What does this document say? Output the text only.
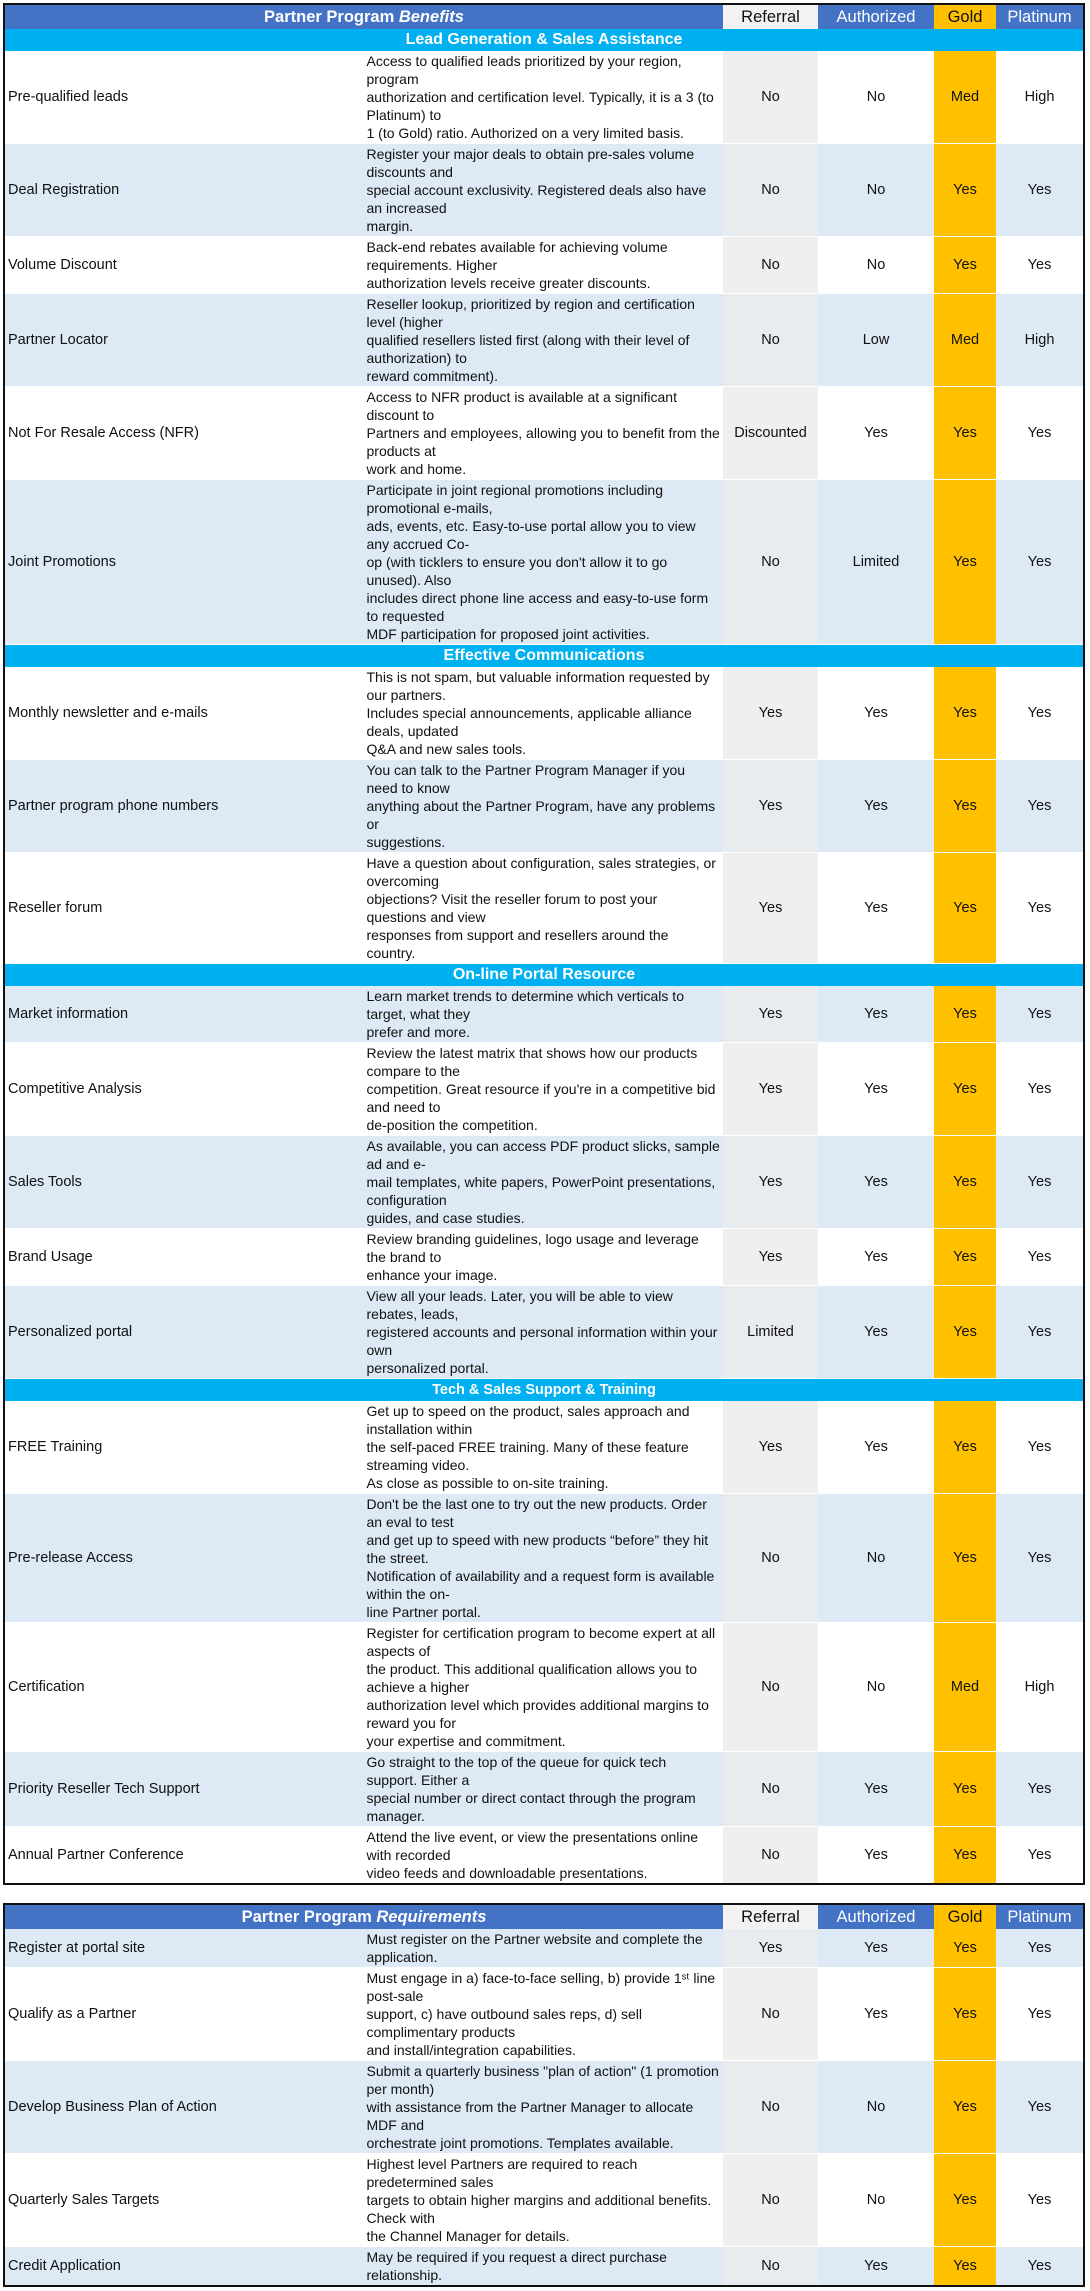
Partner Program Benefits		Referral	Authorized	Gold	Platinum
Lead Generation & Sales Assistance					
Pre-qualified leads	Access to qualified leads prioritized by your region, program
authorization and certification level. Typically, it is a 3 (to Platinum) to
1 (to Gold) ratio. Authorized on a very limited basis.	No	No	Med	High
Deal Registration	Register your major deals to obtain pre-sales volume discounts and
special account exclusivity. Registered deals also have an increased
margin.	No	No	Yes	Yes
Volume Discount	Back-end rebates available for achieving volume requirements. Higher
authorization levels receive greater discounts.	No	No	Yes	Yes
Partner Locator	Reseller lookup, prioritized by region and certification level (higher
qualified resellers listed first (along with their level of authorization) to
reward commitment).	No	Low	Med	High
Not For Resale Access (NFR)	Access to NFR product is available at a significant discount to
Partners and employees, allowing you to benefit from the products at
work and home.	Discounted	Yes	Yes	Yes
Joint Promotions	Participate in joint regional promotions including promotional e-mails,
ads, events, etc. Easy-to-use portal allow you to view any accrued Co-
op (with ticklers to ensure you don't allow it to go unused). Also
includes direct phone line access and easy-to-use form to requested
MDF participation for proposed joint activities.	No	Limited	Yes	Yes
Effective Communications					
Monthly newsletter and e-mails	This is not spam, but valuable information requested by our partners.
Includes special announcements, applicable alliance deals, updated
Q&A and new sales tools.	Yes	Yes	Yes	Yes
Partner program phone numbers	You can talk to the Partner Program Manager if you need to know
anything about the Partner Program, have any problems or
suggestions.	Yes	Yes	Yes	Yes
Reseller forum	Have a question about configuration, sales strategies, or overcoming
objections? Visit the reseller forum to post your questions and view
responses from support and resellers around the country.	Yes	Yes	Yes	Yes
On-line Portal Resource					
Market information	Learn market trends to determine which verticals to target, what they
prefer and more.	Yes	Yes	Yes	Yes
Competitive Analysis	Review the latest matrix that shows how our products compare to the
competition. Great resource if you're in a competitive bid and need to
de-position the competition.	Yes	Yes	Yes	Yes
Sales Tools	As available, you can access PDF product slicks, sample ad and e-
mail templates, white papers, PowerPoint presentations, configuration
guides, and case studies.	Yes	Yes	Yes	Yes
Brand Usage	Review branding guidelines, logo usage and leverage the brand to
enhance your image.	Yes	Yes	Yes	Yes
Personalized portal	View all your leads. Later, you will be able to view rebates, leads,
registered accounts and personal information within your own
personalized portal.	Limited	Yes	Yes	Yes
Tech & Sales Support & Training					
FREE Training	Get up to speed on the product, sales approach and installation within
the self-paced FREE training. Many of these feature streaming video.
As close as possible to on-site training.	Yes	Yes	Yes	Yes
Pre-release Access	Don't be the last one to try out the new products. Order an eval to test
and get up to speed with new products “before” they hit the street.
Notification of availability and a request form is available within the on-
line Partner portal.	No	No	Yes	Yes
Certification	Register for certification program to become expert at all aspects of
the product. This additional qualification allows you to achieve a higher
authorization level which provides additional margins to reward you for
your expertise and commitment.	No	No	Med	High
Priority Reseller Tech Support	Go straight to the top of the queue for quick tech support. Either a
special number or direct contact through the program manager.	No	Yes	Yes	Yes
Annual Partner Conference	Attend the live event, or view the presentations online with recorded
video feeds and downloadable presentations.	No	Yes	Yes	Yes
Partner Program Requirements		Referral	Authorized	Gold	Platinum
Register at portal site	Must register on the Partner website and complete the application.	Yes	Yes	Yes	Yes
Qualify as a Partner	Must engage in a) face-to-face selling, b) provide 1ˢᵗ line post-sale
support, c) have outbound sales reps, d) sell complimentary products
and install/integration capabilities.	No	Yes	Yes	Yes
Develop Business Plan of Action	Submit a quarterly business "plan of action" (1 promotion per month)
with assistance from the Partner Manager to allocate MDF and
orchestrate joint promotions. Templates available.	No	No	Yes	Yes
Quarterly Sales Targets	Highest level Partners are required to reach predetermined sales
targets to obtain higher margins and additional benefits. Check with
the Channel Manager for details.	No	No	Yes	Yes
Credit Application	May be required if you request a direct purchase relationship.	No	Yes	Yes	Yes
